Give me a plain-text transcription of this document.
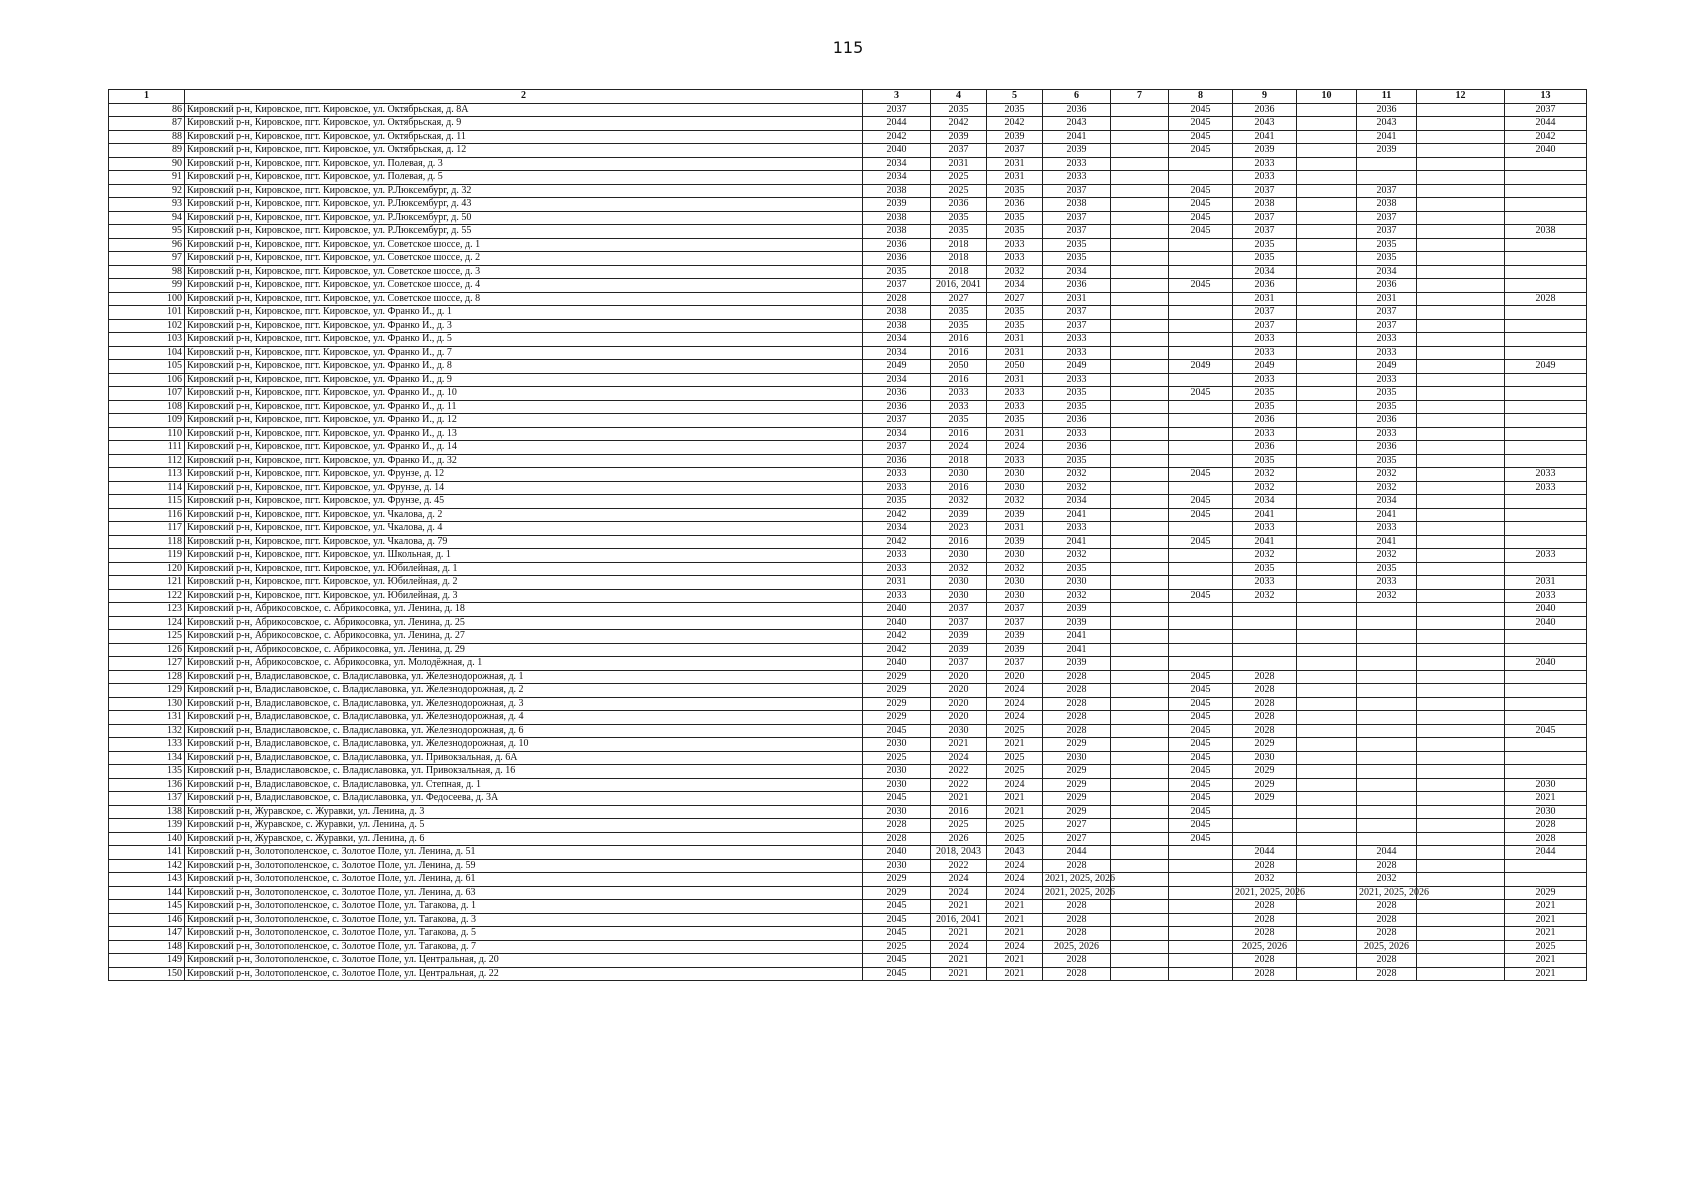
115
1	2	3	4	5	6	7	8	9	10	11	12	13
86	Кировский р-н, Кировское, пгт. Кировское, ул. Октябрьская, д. 8А	2037	2035	2035	2036		2045	2036		2036		2037
87	Кировский р-н, Кировское, пгт. Кировское, ул. Октябрьская, д. 9	2044	2042	2042	2043		2045	2043		2043		2044
88	Кировский р-н, Кировское, пгт. Кировское, ул. Октябрьская, д. 11	2042	2039	2039	2041		2045	2041		2041		2042
89	Кировский р-н, Кировское, пгт. Кировское, ул. Октябрьская, д. 12	2040	2037	2037	2039		2045	2039		2039		2040
90	Кировский р-н, Кировское, пгт. Кировское, ул. Полевая, д. 3	2034	2031	2031	2033			2033				
91	Кировский р-н, Кировское, пгт. Кировское, ул. Полевая, д. 5	2034	2025	2031	2033			2033				
92	Кировский р-н, Кировское, пгт. Кировское, ул. Р.Люксембург, д. 32	2038	2025	2035	2037		2045	2037		2037		
93	Кировский р-н, Кировское, пгт. Кировское, ул. Р.Люксембург, д. 43	2039	2036	2036	2038		2045	2038		2038		
94	Кировский р-н, Кировское, пгт. Кировское, ул. Р.Люксембург, д. 50	2038	2035	2035	2037		2045	2037		2037		
95	Кировский р-н, Кировское, пгт. Кировское, ул. Р.Люксембург, д. 55	2038	2035	2035	2037		2045	2037		2037		2038
96	Кировский р-н, Кировское, пгт. Кировское, ул. Советское шоссе, д. 1	2036	2018	2033	2035			2035		2035		
97	Кировский р-н, Кировское, пгт. Кировское, ул. Советское шоссе, д. 2	2036	2018	2033	2035			2035		2035		
98	Кировский р-н, Кировское, пгт. Кировское, ул. Советское шоссе, д. 3	2035	2018	2032	2034			2034		2034		
99	Кировский р-н, Кировское, пгт. Кировское, ул. Советское шоссе, д. 4	2037	2016, 2041	2034	2036		2045	2036		2036		
100	Кировский р-н, Кировское, пгт. Кировское, ул. Советское шоссе, д. 8	2028	2027	2027	2031			2031		2031		2028
101	Кировский р-н, Кировское, пгт. Кировское, ул. Франко И., д. 1	2038	2035	2035	2037			2037		2037		
102	Кировский р-н, Кировское, пгт. Кировское, ул. Франко И., д. 3	2038	2035	2035	2037			2037		2037		
103	Кировский р-н, Кировское, пгт. Кировское, ул. Франко И., д. 5	2034	2016	2031	2033			2033		2033		
104	Кировский р-н, Кировское, пгт. Кировское, ул. Франко И., д. 7	2034	2016	2031	2033			2033		2033		
105	Кировский р-н, Кировское, пгт. Кировское, ул. Франко И., д. 8	2049	2050	2050	2049		2049	2049		2049		2049
106	Кировский р-н, Кировское, пгт. Кировское, ул. Франко И., д. 9	2034	2016	2031	2033			2033		2033		
107	Кировский р-н, Кировское, пгт. Кировское, ул. Франко И., д. 10	2036	2033	2033	2035		2045	2035		2035		
108	Кировский р-н, Кировское, пгт. Кировское, ул. Франко И., д. 11	2036	2033	2033	2035			2035		2035		
109	Кировский р-н, Кировское, пгт. Кировское, ул. Франко И., д. 12	2037	2035	2035	2036			2036		2036		
110	Кировский р-н, Кировское, пгт. Кировское, ул. Франко И., д. 13	2034	2016	2031	2033			2033		2033		
111	Кировский р-н, Кировское, пгт. Кировское, ул. Франко И., д. 14	2037	2024	2024	2036			2036		2036		
112	Кировский р-н, Кировское, пгт. Кировское, ул. Франко И., д. 32	2036	2018	2033	2035			2035		2035		
113	Кировский р-н, Кировское, пгт. Кировское, ул. Фрунзе, д. 12	2033	2030	2030	2032		2045	2032		2032		2033
114	Кировский р-н, Кировское, пгт. Кировское, ул. Фрунзе, д. 14	2033	2016	2030	2032			2032		2032		2033
115	Кировский р-н, Кировское, пгт. Кировское, ул. Фрунзе, д. 45	2035	2032	2032	2034		2045	2034		2034		
116	Кировский р-н, Кировское, пгт. Кировское, ул. Чкалова, д. 2	2042	2039	2039	2041		2045	2041		2041		
117	Кировский р-н, Кировское, пгт. Кировское, ул. Чкалова, д. 4	2034	2023	2031	2033			2033		2033		
118	Кировский р-н, Кировское, пгт. Кировское, ул. Чкалова, д. 79	2042	2016	2039	2041		2045	2041		2041		
119	Кировский р-н, Кировское, пгт. Кировское, ул. Школьная, д. 1	2033	2030	2030	2032			2032		2032		2033
120	Кировский р-н, Кировское, пгт. Кировское, ул. Юбилейная, д. 1	2033	2032	2032	2035			2035		2035		
121	Кировский р-н, Кировское, пгт. Кировское, ул. Юбилейная, д. 2	2031	2030	2030	2030			2033		2033		2031
122	Кировский р-н, Кировское, пгт. Кировское, ул. Юбилейная, д. 3	2033	2030	2030	2032		2045	2032		2032		2033
123	Кировский р-н, Абрикосовское, с. Абрикосовка, ул. Ленина, д. 18	2040	2037	2037	2039							2040
124	Кировский р-н, Абрикосовское, с. Абрикосовка, ул. Ленина, д. 25	2040	2037	2037	2039							2040
125	Кировский р-н, Абрикосовское, с. Абрикосовка, ул. Ленина, д. 27	2042	2039	2039	2041							
126	Кировский р-н, Абрикосовское, с. Абрикосовка, ул. Ленина, д. 29	2042	2039	2039	2041							
127	Кировский р-н, Абрикосовское, с. Абрикосовка, ул. Молодёжная, д. 1	2040	2037	2037	2039							2040
128	Кировский р-н, Владиславовское, с. Владиславовка, ул. Железнодорожная, д. 1	2029	2020	2020	2028		2045	2028				
129	Кировский р-н, Владиславовское, с. Владиславовка, ул. Железнодорожная, д. 2	2029	2020	2024	2028		2045	2028				
130	Кировский р-н, Владиславовское, с. Владиславовка, ул. Железнодорожная, д. 3	2029	2020	2024	2028		2045	2028				
131	Кировский р-н, Владиславовское, с. Владиславовка, ул. Железнодорожная, д. 4	2029	2020	2024	2028		2045	2028				
132	Кировский р-н, Владиславовское, с. Владиславовка, ул. Железнодорожная, д. 6	2045	2030	2025	2028		2045	2028				2045
133	Кировский р-н, Владиславовское, с. Владиславовка, ул. Железнодорожная, д. 10	2030	2021	2021	2029		2045	2029				
134	Кировский р-н, Владиславовское, с. Владиславовка, ул. Привокзальная, д. 6А	2025	2024	2025	2030		2045	2030				
135	Кировский р-н, Владиславовское, с. Владиславовка, ул. Привокзальная, д. 16	2030	2022	2025	2029		2045	2029				
136	Кировский р-н, Владиславовское, с. Владиславовка, ул. Степная, д. 1	2030	2022	2024	2029		2045	2029				2030
137	Кировский р-н, Владиславовское, с. Владиславовка, ул. Федосеева, д. 3А	2045	2021	2021	2029		2045	2029				2021
138	Кировский р-н, Журавское, с. Журавки, ул. Ленина, д. 3	2030	2016	2021	2029		2045					2030
139	Кировский р-н, Журавское, с. Журавки, ул. Ленина, д. 5	2028	2025	2025	2027		2045					2028
140	Кировский р-н, Журавское, с. Журавки, ул. Ленина, д. 6	2028	2026	2025	2027		2045					2028
141	Кировский р-н, Золотополенское, с. Золотое Поле, ул. Ленина, д. 51	2040	2018, 2043	2043	2044			2044		2044		2044
142	Кировский р-н, Золотополенское, с. Золотое Поле, ул. Ленина, д. 59	2030	2022	2024	2028			2028		2028		
143	Кировский р-н, Золотополенское, с. Золотое Поле, ул. Ленина, д. 61	2029	2024	2024	2021, 2025, 2026			2032		2032		
144	Кировский р-н, Золотополенское, с. Золотое Поле, ул. Ленина, д. 63	2029	2024	2024	2021, 2025, 2026			2021, 2025, 2026		2021, 2025, 2026		2029
145	Кировский р-н, Золотополенское, с. Золотое Поле, ул. Тагакова, д. 1	2045	2021	2021	2028			2028		2028		2021
146	Кировский р-н, Золотополенское, с. Золотое Поле, ул. Тагакова, д. 3	2045	2016, 2041	2021	2028			2028		2028		2021
147	Кировский р-н, Золотополенское, с. Золотое Поле, ул. Тагакова, д. 5	2045	2021	2021	2028			2028		2028		2021
148	Кировский р-н, Золотополенское, с. Золотое Поле, ул. Тагакова, д. 7	2025	2024	2024	2025, 2026			2025, 2026		2025, 2026		2025
149	Кировский р-н, Золотополенское, с. Золотое Поле, ул. Центральная, д. 20	2045	2021	2021	2028			2028		2028		2021
150	Кировский р-н, Золотополенское, с. Золотое Поле, ул. Центральная, д. 22	2045	2021	2021	2028			2028		2028		2021
